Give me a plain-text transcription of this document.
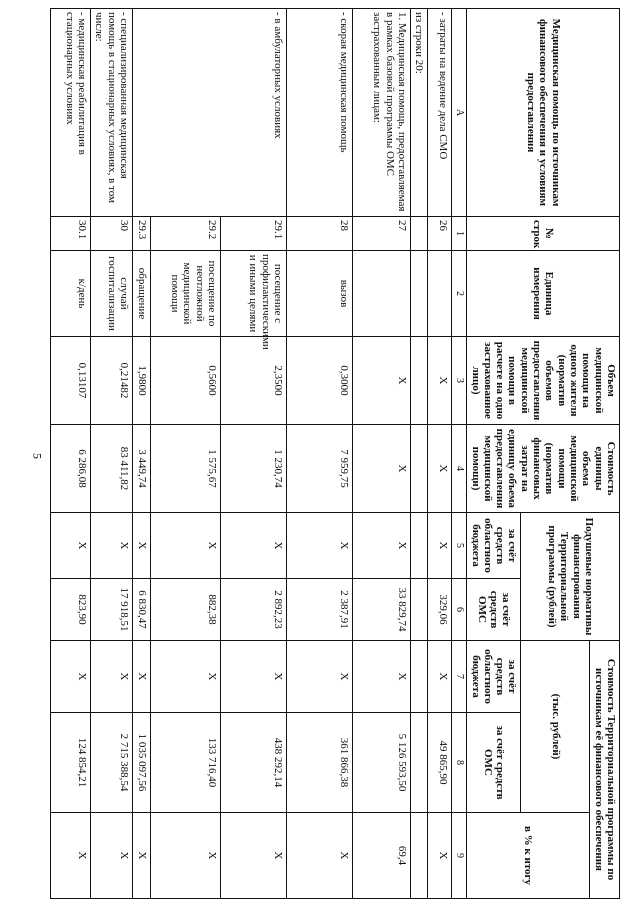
5
Медицинская помощь по источникам финансового обеспечения и условиям предоставления	№ строк	Единица измерения	Объем медицинской помощи на одного жителя (норматив объемов предоставления медицинской помощи в расчете на одно застрахованное лицо)	Стоимость единицы объема медицинской помощи (норматив финансовых затрат на единицу объема предоставления медицинской помощи)	Подушевые нормативы финансирования Территориальной программы (рублей)		Стоимость Территориальной программы по источникам её финансового обеспечения		
							(тыс. рублей)		в % к итогу
					за счёт средств областного бюджета	за счёт средств ОМС	за счёт средств областного бюджета	за счёт средств ОМС	
А	1	2	3	4	5	6	7	8	9
- затраты на ведение дела СМО	26		X	X	X	329,06	X	49 865,90	X
из строки 20:									
1. Медицинская помощь, предоставляемая в рамках базовой программы ОМС застрахованным лицам:	27		X	X	X	33 829,74	X	5 126 593,50	69,4
- скорая медицинская помощь	28	вызов	0,3000	7 959,75	X	2 387,91	X	361 866,38	X
- в амбулаторных условиях	29.1	посещение с профилактическими и иными целями	2,3500	1 230,74	X	2 892,23	X	438 292,14	X
	29.2	посещение по неотложной медицинской помощи	0,5600	1 575,67	X	882,38	X	133 716,40	X
	29.3	обращение	1,9800	3 449,74	X	6 830,47	X	1 035 097,56	X
- специализированная медицинская помощь в стационарных условиях, в том числе:	30	случай госпитализации	0,21482	83 411,82	X	17 918,51	X	2 715 388,54	X
- медицинская реабилитация в стационарных условиях	30.1	к/день	0,13107	6 286,08	X	823,90	X	124 854,21	X
